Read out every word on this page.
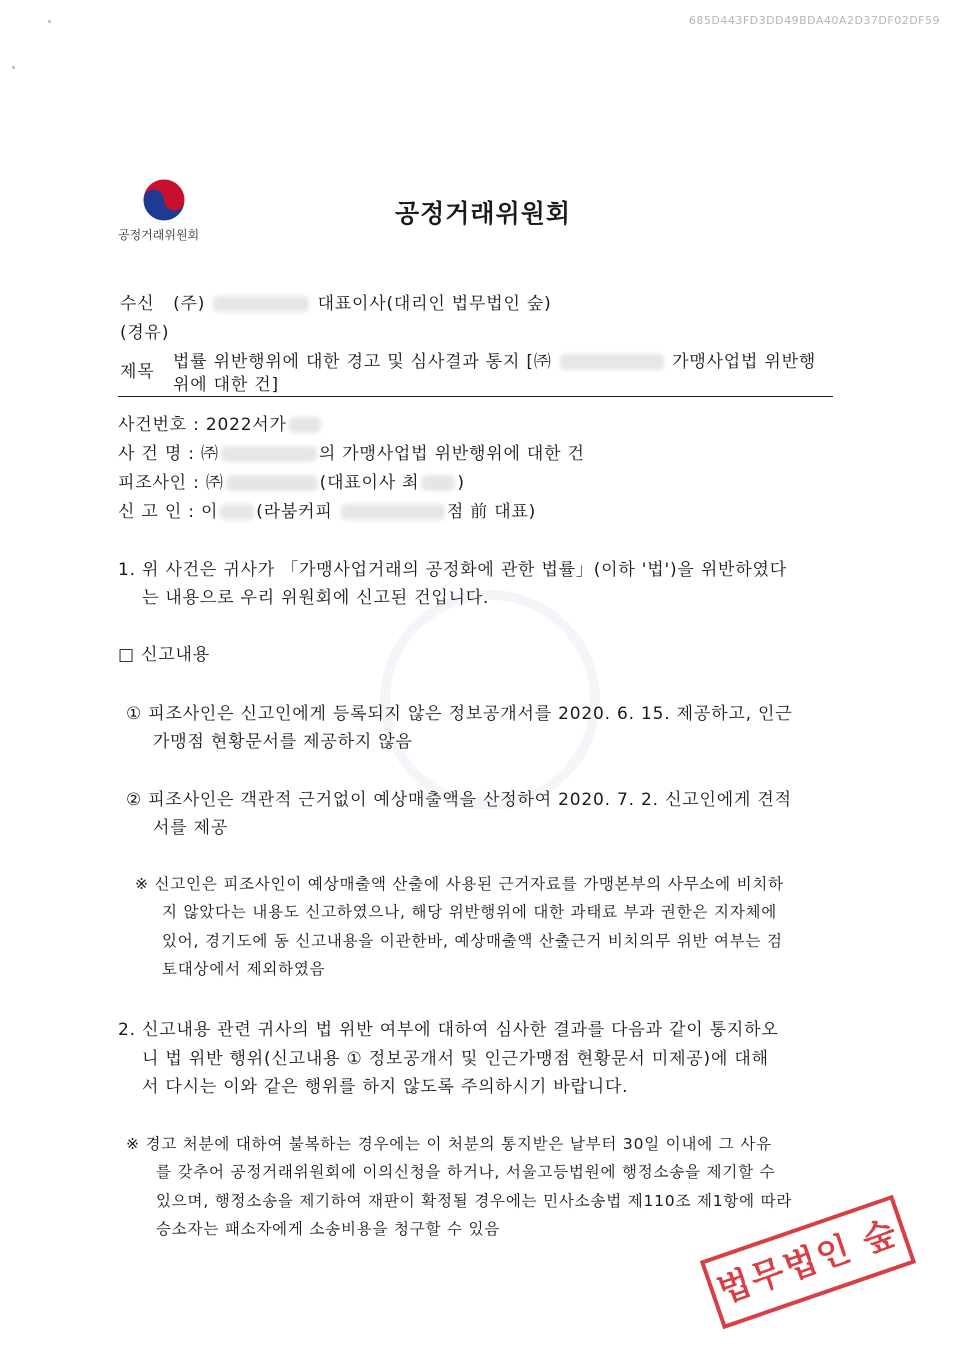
685D443FD3DD49BDA40A2D37DF02DF59
공정거래위원회
공정거래위원회
수신 (주)	대표이사(대리인 법무법인 숲)
(경유)
제목 법률 위반행위에 대한 경고 및 심사결과 통지 [㈜	가맹사업법 위반행
위에 대한 건]
사건번호 : 2022서가
사 건 명 : ㈜	의 가맹사업법 위반행위에 대한 건
피조사인 : ㈜	(대표이사 최 )
신 고 인 : 이 (라붐커피	점 前 대표)
1. 위 사건은 귀사가 「가맹사업거래의 공정화에 관한 법률」(이하 '법')을 위반하였다
는 내용으로 우리 위원회에 신고된 건입니다.
□ 신고내용
① 피조사인은 신고인에게 등록되지 않은 정보공개서를 2020. 6. 15. 제공하고, 인근
가맹점 현황문서를 제공하지 않음
② 피조사인은 객관적 근거없이 예상매출액을 산정하여 2020. 7. 2. 신고인에게 견적
서를 제공
※ 신고인은 피조사인이 예상매출액 산출에 사용된 근거자료를 가맹본부의 사무소에 비치하
지 않았다는 내용도 신고하였으나, 해당 위반행위에 대한 과태료 부과 권한은 지자체에
있어, 경기도에 동 신고내용을 이관한바, 예상매출액 산출근거 비치의무 위반 여부는 검
토대상에서 제외하였음
2. 신고내용 관련 귀사의 법 위반 여부에 대하여 심사한 결과를 다음과 같이 통지하오
니 법 위반 행위(신고내용 ① 정보공개서 및 인근가맹점 현황문서 미제공)에 대해
서 다시는 이와 같은 행위를 하지 않도록 주의하시기 바랍니다.
※ 경고 처분에 대하여 불복하는 경우에는 이 처분의 통지받은 날부터 30일 이내에 그 사유
를 갖추어 공정거래위원회에 이의신청을 하거나, 서울고등법원에 행정소송을 제기할 수
있으며, 행정소송을 제기하여 재판이 확정될 경우에는 민사소송법 제110조 제1항에 따라
승소자는 패소자에게 소송비용을 청구할 수 있음	법무법인 숲
